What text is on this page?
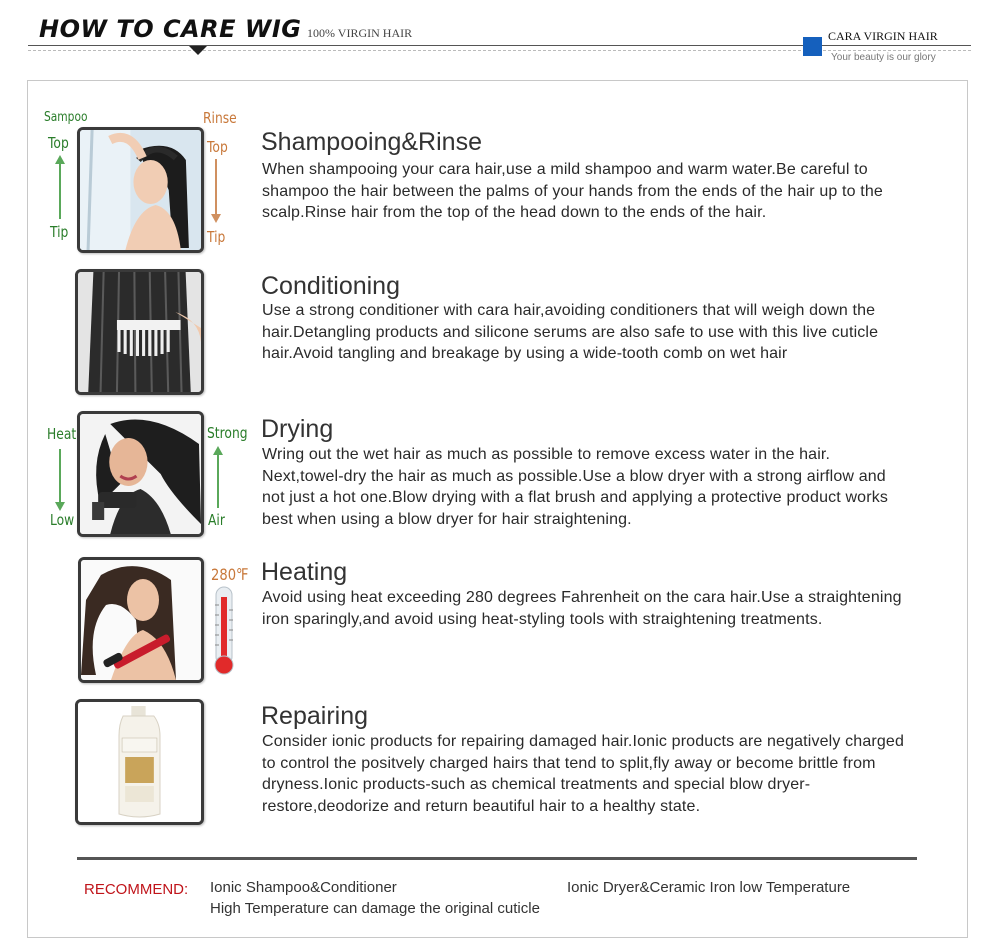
HOW TO CARE WIG 100% VIRGIN HAIR	CARA VIRGIN HAIR
Your beauty is our glory
Sampoo
Top
Tip
Rinse
Top
Tip
Shampooing&Rinse
When shampooing your cara hair,use a mild shampoo and warm water.Be careful to shampoo the hair between the palms of your hands from the ends of the hair up to the scalp.Rinse hair from the top of the head down to the ends of the hair.
Conditioning
Use a strong conditioner with cara hair,avoiding conditioners that will weigh down the hair.Detangling products and silicone serums are also safe to use with this live cuticle hair.Avoid tangling and breakage by using a wide-tooth comb on wet hair
Heat
Low
Strong
Air
Drying
Wring out the wet hair as much as possible to remove excess water in the hair. Next,towel-dry the hair as much as possible.Use a blow dryer with a strong airflow and not just a hot one.Blow drying with a flat brush and applying a protective product works best when using a blow dryer for hair straightening.
280℉ Heating
Avoid using heat exceeding 280 degrees Fahrenheit on the cara hair.Use a straightening iron sparingly,and avoid using heat-styling tools with straightening treatments.
Repairing
Consider ionic products for repairing damaged hair.Ionic products are negatively charged to control the positvely charged hairs that tend to split,fly away or become brittle from dryness.Ionic products-such as chemical treatments and special blow dryer-restore,deodorize and return beautiful hair to a healthy state.
RECOMMEND: Ionic Shampoo&Conditioner	Ionic Dryer&Ceramic Iron low Temperature
High Temperature can damage the original cuticle
